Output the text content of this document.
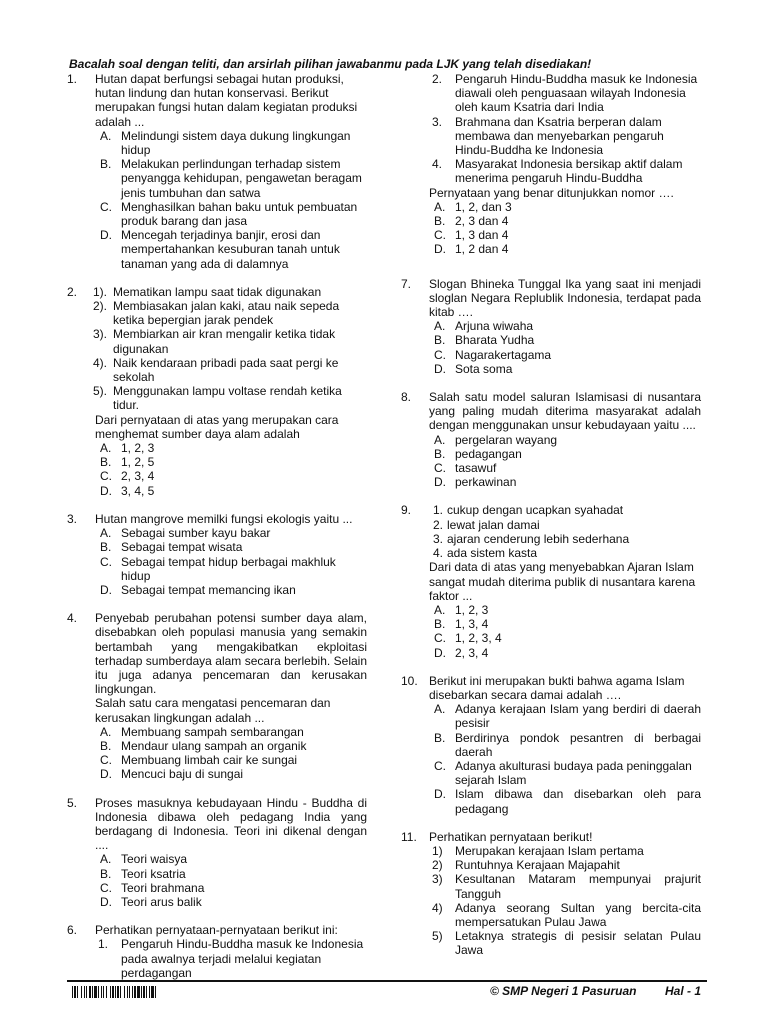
Bacalah soal dengan teliti, dan arsirlah pilihan jawabanmu pada LJK yang telah disediakan!
1. Hutan dapat berfungsi sebagai hutan produksi, hutan lindung dan hutan konservasi. Berikut merupakan fungsi hutan dalam kegiatan produksi adalah ...
A. Melindungi sistem daya dukung lingkungan hidup
B. Melakukan perlindungan terhadap sistem penyangga kehidupan, pengawetan beragam jenis tumbuhan dan satwa
C. Menghasilkan bahan baku untuk pembuatan produk barang dan jasa
D. Mencegah terjadinya banjir, erosi dan mempertahankan kesuburan tanah untuk tanaman yang ada di dalamnya
2. 1). Mematikan lampu saat tidak digunakan
2). Membiasakan jalan kaki, atau naik sepeda ketika bepergian jarak pendek
3). Membiarkan air kran mengalir ketika tidak digunakan
4). Naik kendaraan pribadi pada saat pergi ke sekolah
5). Menggunakan lampu voltase rendah ketika tidur.
Dari pernyataan di atas yang merupakan cara menghemat sumber daya alam adalah
A. 1, 2, 3
B. 1, 2, 5
C. 2, 3, 4
D. 3, 4, 5
3. Hutan mangrove memilki fungsi ekologis yaitu ...
A. Sebagai sumber kayu bakar
B. Sebagai tempat wisata
C. Sebagai tempat hidup berbagai makhluk hidup
D. Sebagai tempat memancing ikan
4. Penyebab perubahan potensi sumber daya alam, disebabkan oleh populasi manusia yang semakin bertambah yang mengakibatkan ekploitasi terhadap sumberdaya alam secara berlebih. Selain itu juga adanya pencemaran dan kerusakan lingkungan.
Salah satu cara mengatasi pencemaran dan kerusakan lingkungan adalah ...
A. Membuang sampah sembarangan
B. Mendaur ulang sampah an organik
C. Membuang limbah cair ke sungai
D. Mencuci baju di sungai
5. Proses masuknya kebudayaan Hindu - Buddha di Indonesia dibawa oleh pedagang India yang berdagang di Indonesia. Teori ini dikenal dengan ....
A. Teori waisya
B. Teori ksatria
C. Teori brahmana
D. Teori arus balik
6. Perhatikan pernyataan-pernyataan berikut ini:
1. Pengaruh Hindu-Buddha masuk ke Indonesia pada awalnya terjadi melalui kegiatan perdagangan
2. Pengaruh Hindu-Buddha masuk ke Indonesia diawali oleh penguasaan wilayah Indonesia oleh kaum Ksatria dari India
3. Brahmana dan Ksatria berperan dalam membawa dan menyebarkan pengaruh Hindu-Buddha ke Indonesia
4. Masyarakat Indonesia bersikap aktif dalam menerima pengaruh Hindu-Buddha
Pernyataan yang benar ditunjukkan nomor ….
A. 1, 2, dan 3
B. 2, 3 dan 4
C. 1, 3 dan 4
D. 1, 2 dan 4
7. Slogan Bhineka Tunggal Ika yang saat ini menjadi sloglan Negara Replublik Indonesia, terdapat pada kitab ….
A. Arjuna wiwaha
B. Bharata Yudha
C. Nagarakertagama
D. Sota soma
8. Salah satu model saluran Islamisasi di nusantara yang paling mudah diterima masyarakat adalah dengan menggunakan unsur kebudayaan yaitu ....
A. pergelaran wayang
B. pedagangan
C. tasawuf
D. perkawinan
9. 1. cukup dengan ucapkan syahadat
2. lewat jalan damai
3. ajaran cenderung lebih sederhana
4. ada sistem kasta
Dari data di atas yang menyebabkan Ajaran Islam sangat mudah diterima publik di nusantara karena faktor ...
A. 1, 2, 3
B. 1, 3, 4
C. 1, 2, 3, 4
D. 2, 3, 4
10. Berikut ini merupakan bukti bahwa agama Islam disebarkan secara damai adalah ….
A. Adanya kerajaan Islam yang berdiri di daerah pesisir
B. Berdirinya pondok pesantren di berbagai daerah
C. Adanya akulturasi budaya pada peninggalan sejarah Islam
D. Islam dibawa dan disebarkan oleh para pedagang
11. Perhatikan pernyataan berikut!
1) Merupakan kerajaan Islam pertama
2) Runtuhnya Kerajaan Majapahit
3) Kesultanan Mataram mempunyai prajurit Tangguh
4) Adanya seorang Sultan yang bercita-cita mempersatukan Pulau Jawa
5) Letaknya strategis di pesisir selatan Pulau Jawa
© SMP Negeri 1 Pasuruan Hal - 1
